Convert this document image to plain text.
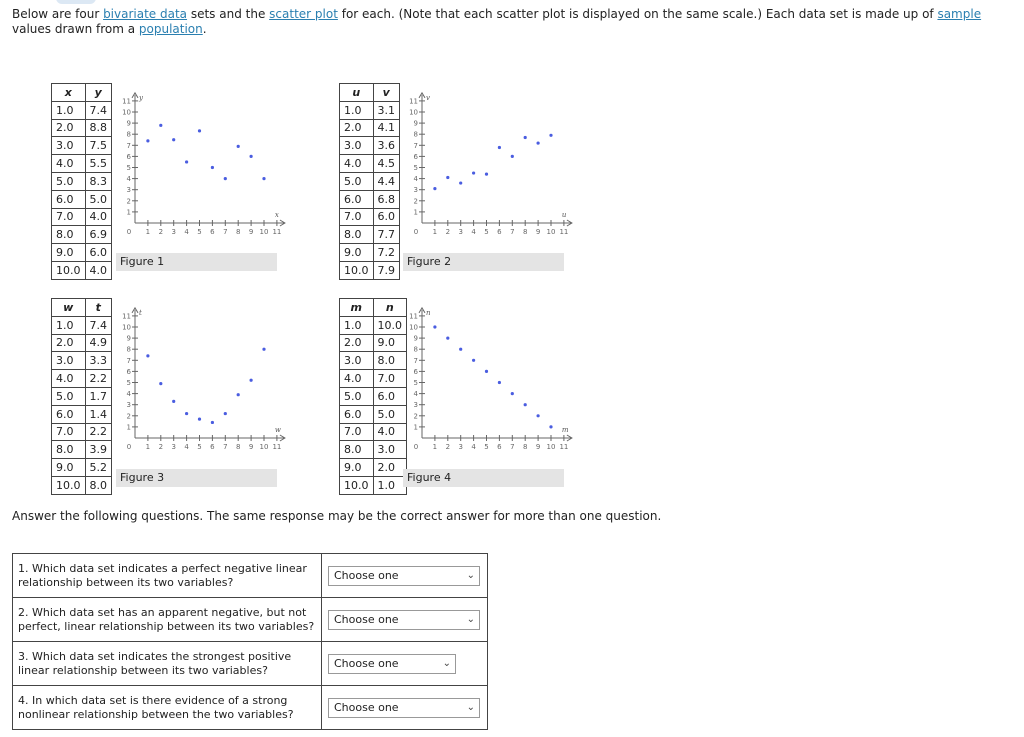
Below are four bivariate data sets and the scatter plot for each. (Note that each scatter plot is displayed on the same scale.) Each data set is made up of sample values drawn from a population.
x	y
1.0	7.4
2.0	8.8
3.0	7.5
4.0	5.5
5.0	8.3
6.0	5.0
7.0	4.0
8.0	6.9
9.0	6.0
10.0	4.0
1
2
3
4
5
6
7
8
9
10
11
1 2 3 4 5 6 7 8 9 10 11
0
y
x
Figure 1
u	v
1.0	3.1
2.0	4.1
3.0	3.6
4.0	4.5
5.0	4.4
6.0	6.8
7.0	6.0
8.0	7.7
9.0	7.2
10.0	7.9
1
2
3
4
5
6
7
8
9
10
11
1 2 3 4 5 6 7 8 9 10 11
0
v
u
Figure 2
w	t
1.0	7.4
2.0	4.9
3.0	3.3
4.0	2.2
5.0	1.7
6.0	1.4
7.0	2.2
8.0	3.9
9.0	5.2
10.0	8.0
1
2
3
4
5
6
7
8
9
10
11
1 2 3 4 5 6 7 8 9 10 11
0
t
w
Figure 3
m	n
1.0	10.0
2.0	9.0
3.0	8.0
4.0	7.0
5.0	6.0
6.0	5.0
7.0	4.0
8.0	3.0
9.0	2.0
10.0	1.0
1
2
3
4
5
6
7
8
9
10
11
1 2 3 4 5 6 7 8 9 10 11
0
n
m
Figure 4
Answer the following questions. The same response may be the correct answer for more than one question.
1. Which data set indicates a perfect negative linear relationship between its two variables?	Choose one ⌄

2. Which data set has an apparent negative, but not perfect, linear relationship between its two variables?	Choose one ⌄

3. Which data set indicates the strongest positive linear relationship between its two variables?	Choose one ⌄

4. In which data set is there evidence of a strong nonlinear relationship between the two variables?	Choose one ⌄
